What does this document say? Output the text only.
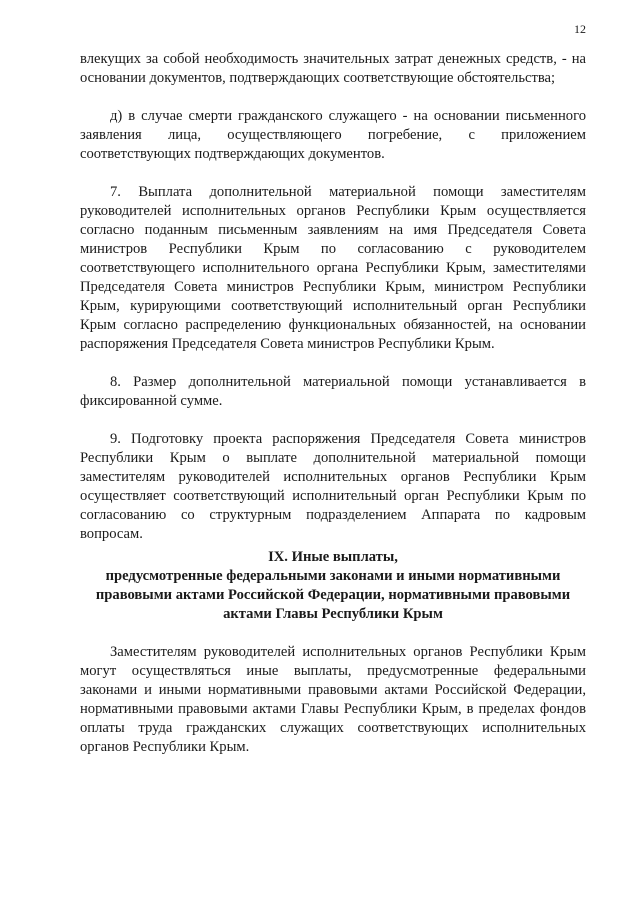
12

влекущих за собой необходимость значительных затрат денежных средств, - на основании документов, подтверждающих соответствующие обстоятельства;

д) в случае смерти гражданского служащего - на основании письменного заявления лица, осуществляющего погребение, с приложением соответствующих подтверждающих документов.

7. Выплата дополнительной материальной помощи заместителям руководителей исполнительных органов Республики Крым осуществляется согласно поданным письменным заявлениям на имя Председателя Совета министров Республики Крым по согласованию с руководителем соответствующего исполнительного органа Республики Крым, заместителями Председателя Совета министров Республики Крым, министром Республики Крым, курирующими соответствующий исполнительный орган Республики Крым согласно распределению функциональных обязанностей, на основании распоряжения Председателя Совета министров Республики Крым.

8. Размер дополнительной материальной помощи устанавливается в фиксированной сумме.

9. Подготовку проекта распоряжения Председателя Совета министров Республики Крым о выплате дополнительной материальной помощи заместителям руководителей исполнительных органов Республики Крым осуществляет соответствующий исполнительный орган Республики Крым по согласованию со структурным подразделением Аппарата по кадровым вопросам.

IX. Иные выплаты,

предусмотренные федеральными законами и иными нормативными

правовыми актами Российской Федерации, нормативными правовыми

актами Главы Республики Крым

Заместителям руководителей исполнительных органов Республики Крым могут осуществляться иные выплаты, предусмотренные федеральными законами и иными нормативными правовыми актами Российской Федерации, нормативными правовыми актами Главы Республики Крым, в пределах фондов оплаты труда гражданских служащих соответствующих исполнительных органов Республики Крым.
